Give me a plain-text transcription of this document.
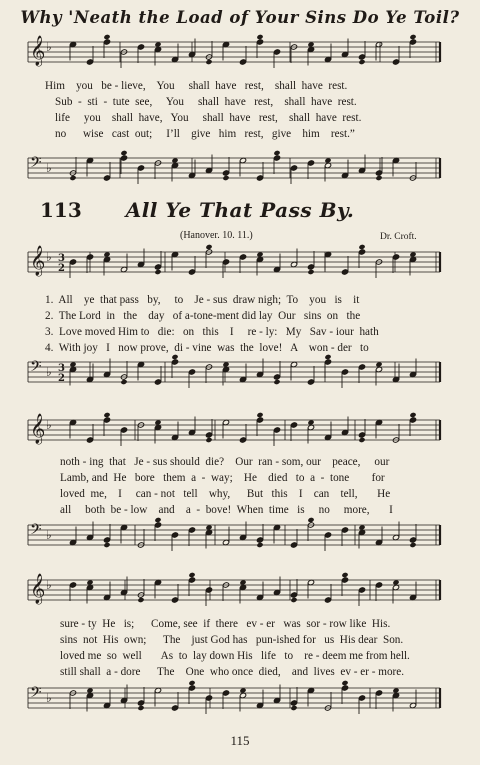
𝄞 ♭
𝄢 ♭
𝄞 ♭ 3
2
𝄢 ♭ 3
2
𝄞 ♭
𝄢 ♭
𝄞 ♭
𝄢 ♭
Why 'Neath the Load of Your Sins Do Ye Toil?
Him    you   be - lieve,    You     shall  have   rest,    shall  have  rest.
Sub  -  sti  -  tute  see,     You     shall  have   rest,    shall  have  rest.
life     you    shall  have,   You     shall  have   rest,    shall  have  rest.
no      wise   cast  out;     I’ll    give   him   rest,   give    him    rest.”
113	All Ye That Pass By.
(Hanover. 10. 11.)	Dr. Croft.
1.  All    ye  that pass   by,     to    Je - sus  draw nigh;  To    you   is    it
2.  The Lord  in   the    day   of a-tone-ment did lay  Our   sins  on   the
3.  Love moved Him to   die:   on   this    I     re - ly:   My   Sav - iour  hath
4.  With joy   I   now prove,  di - vine  was  the  love!   A    won - der   to
noth - ing  that   Je - sus should  die?    Our  ran - som, our    peace,     our
Lamb, and  He   bore   them  a  -  way;    He    died   to  a  -  tone        for
loved  me,    I     can - not   tell    why,      But   this    I    can    tell,       He
all     both  be - low    and    a  -  bove!  When  time   is     no     more,       I
sure - ty  He   is;      Come, see  if  there   ev - er   was  sor - row like  His.
sins  not  His  own;      The    just God has   pun-ished for   us  His dear  Son.
loved me  so  well       As  to  lay down His   life   to    re - deem me from hell.
still shall  a - dore      The    One  who once  died,    and  lives  ev - er - more.
115
